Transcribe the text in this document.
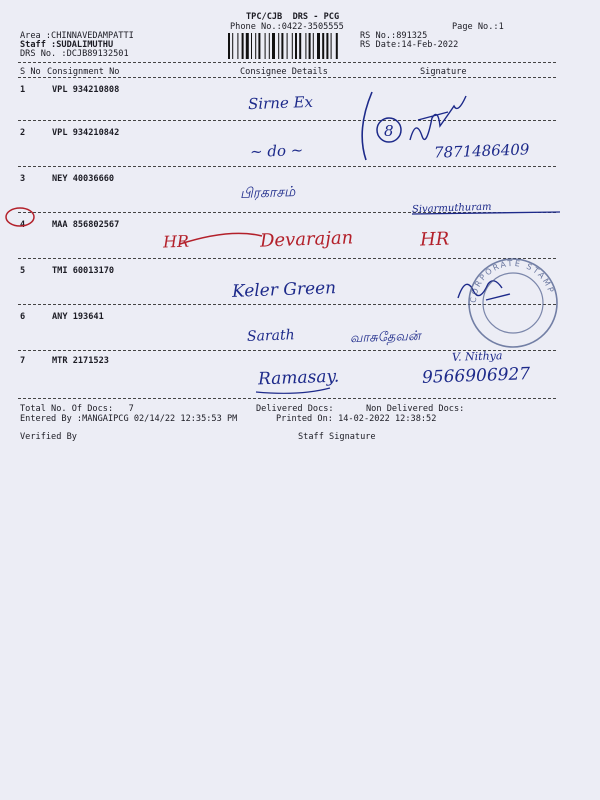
TPC/CJB  DRS - PCG
Phone No.:0422-3505555	Page No.:1
Area :CHINNAVEDAMPATTI
Staff :SUDALIMUTHU
DRS No. :DCJB89132501
RS No.:891325
RS Date:14-Feb-2022
S No Consignment No	Consignee Details	Signature
1	VPL 934210808
Sirne Ex
2	VPL 934210842
~ do ~	7871486409
3	NEY 40036660
பிரகாசம்
4	MAA 856802567
Sivarmuthuram
HR	Devarajan	HR
5	TMI 60013170
Keler Green
6	ANY 193641
Sarath	வாசுதேவன்
7	MTR 2171523	V. Nithya
Ramasay.	9566906927
8
CORPORATE STAMP
Total No. Of Docs:   7	Delivered Docs:	Non Delivered Docs:
Entered By :MANGAIPCG 02/14/22 12:35:53 PM	Printed On: 14-02-2022 12:38:52
Verified By	Staff Signature
